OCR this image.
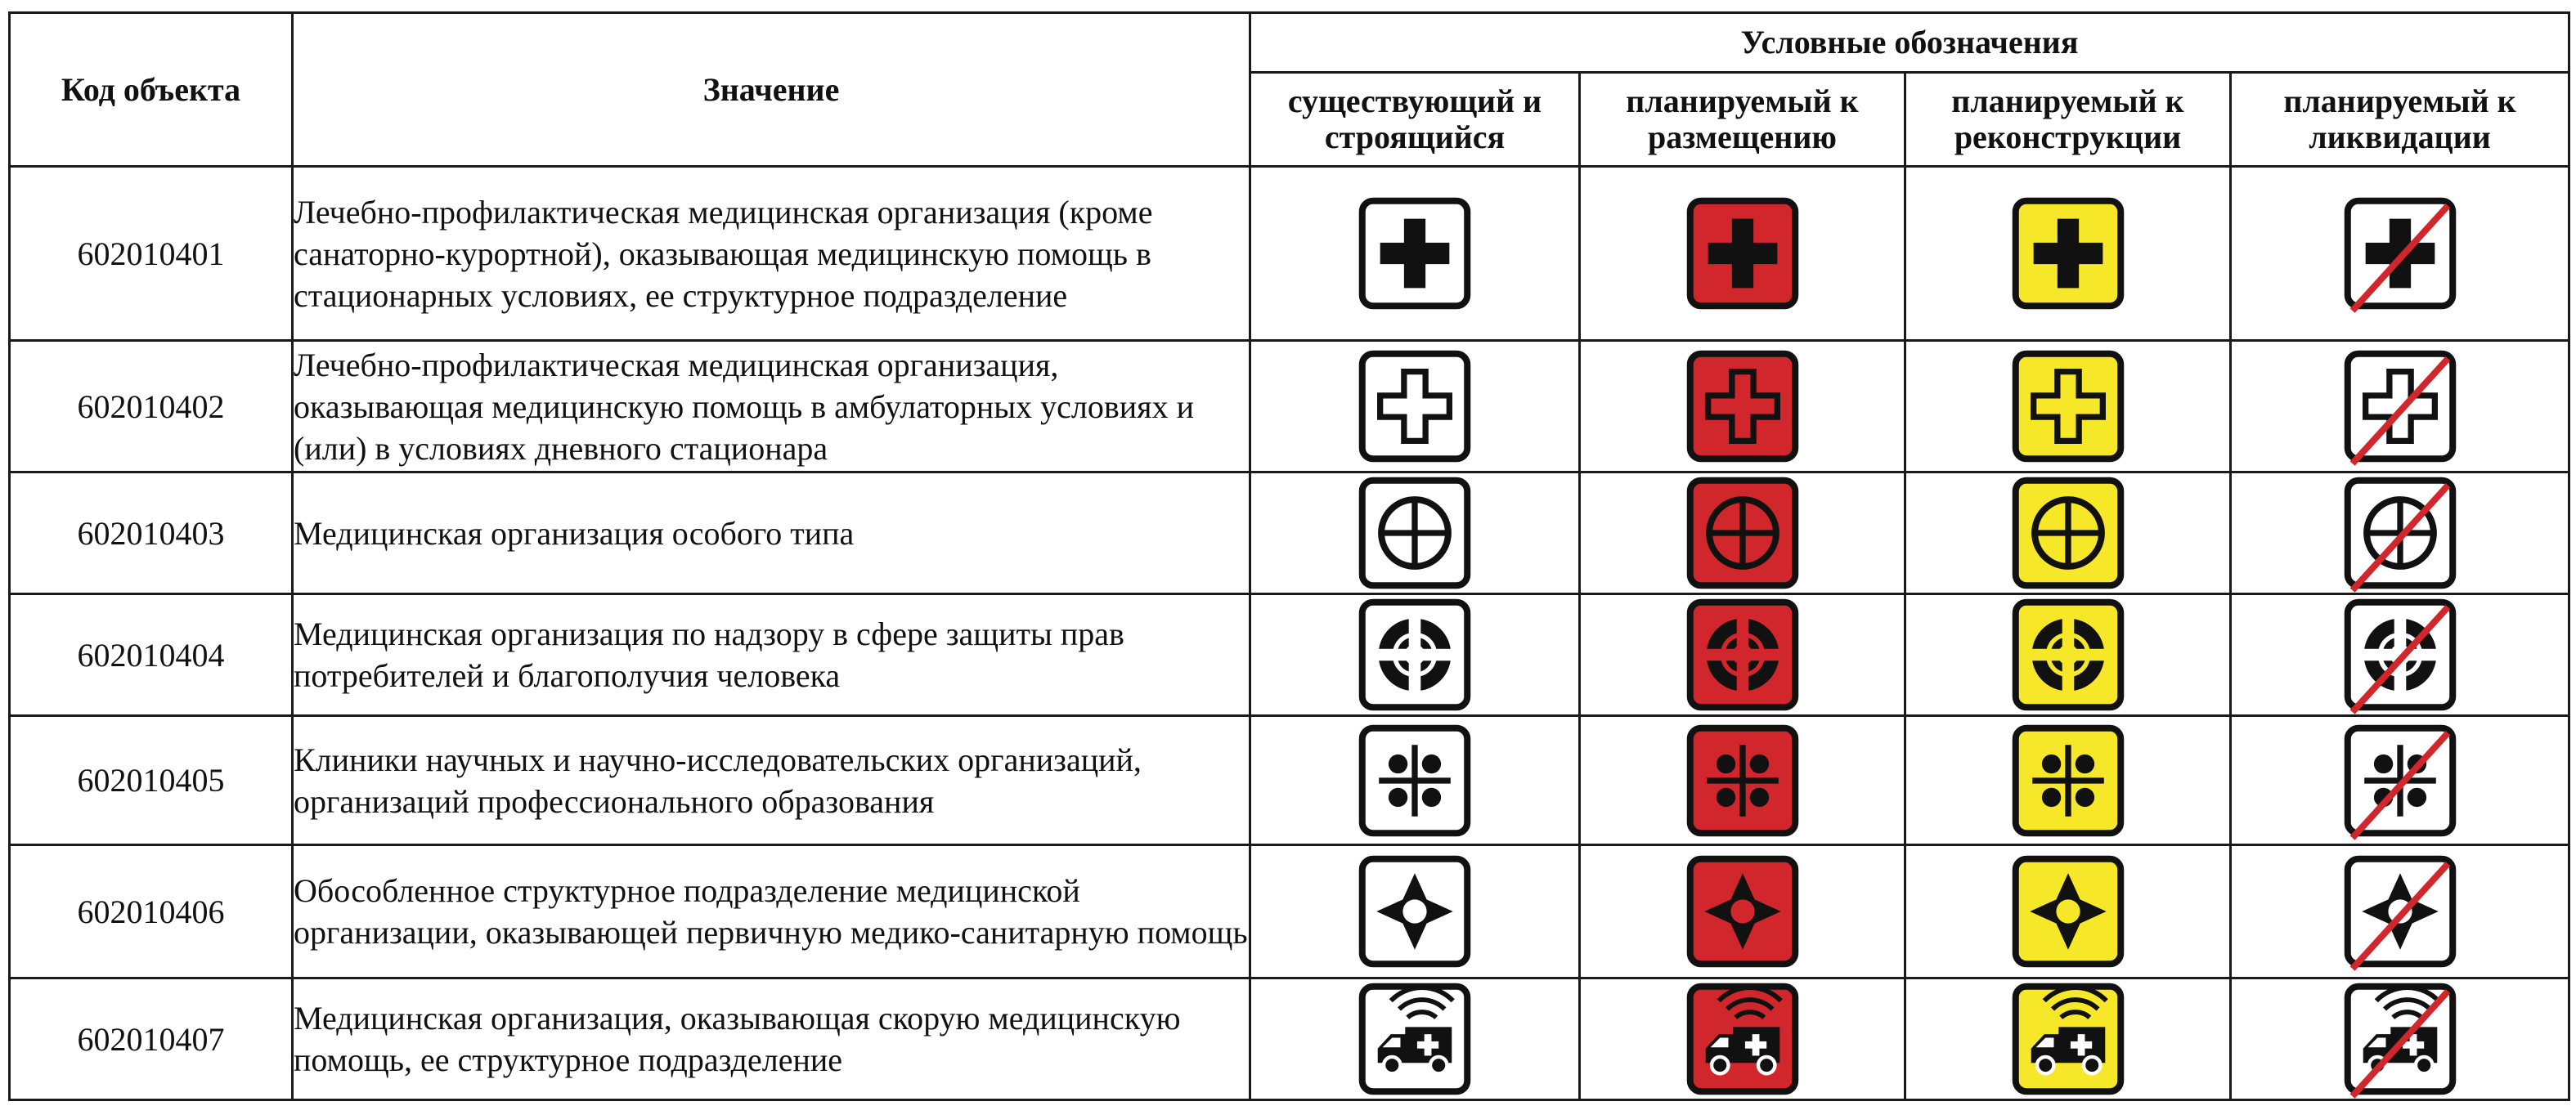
Код объекта	Значение	Условные обозначения			
		существующий и строящийся	планируемый к размещению	планируемый к реконструкции	планируемый к ликвидации
602010401	Лечебно-профилактическая медицинская организация (кроме санаторно-курортной), оказывающая медицинскую помощь в стационарных условиях, ее структурное подразделение	

602010402	Лечебно-профилактическая медицинская организация, оказывающая медицинскую помощь в амбулаторных условиях и (или) в условиях дневного стационара	

602010403	Медицинская организация особого типа	

602010404	Медицинская организация по надзору в сфере защиты прав потребителей и благополучия человека	

602010405	Клиники научных и научно-исследовательских организаций, организаций профессионального образования	

602010406	Обособленное структурное подразделение медицинской организации, оказывающей первичную медико-санитарную помощь	

602010407	Медицинская организация, оказывающая скорую медицинскую помощь, ее структурное подразделение	
